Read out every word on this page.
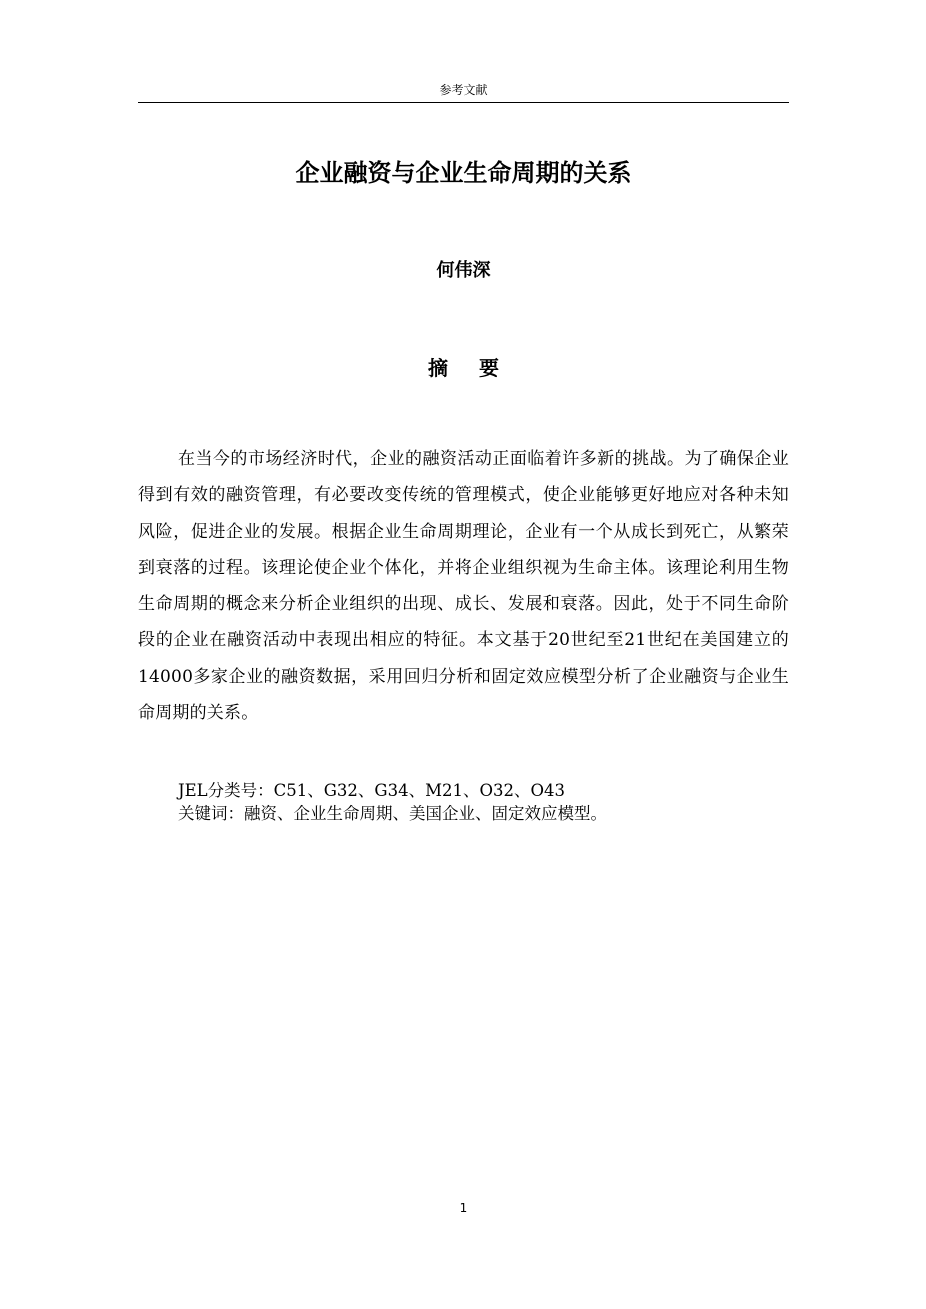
参考文献
企业融资与企业生命周期的关系
何伟深
摘 要

在当今的市场经济时代，企业的融资活动正面临着许多新的挑战。为了确保企业得到有效的融资管理，有必要改变传统的管理模式，使企业能够更好地应对各种未知风险，促进企业的发展。根据企业生命周期理论，企业有一个从成长到死亡，从繁荣到衰落的过程。该理论使企业个体化，并将企业组织视为生命主体。该理论利用生物生命周期的概念来分析企业组织的出现、成长、发展和衰落。因此，处于不同生命阶段的企业在融资活动中表现出相应的特征。本文基于20世纪至21世纪在美国建立的14000多家企业的融资数据，采用回归分析和固定效应模型分析了企业融资与企业生命周期的关系。

JEL分类号：C51、G32、G34、M21、O32、O43
关键词：融资、企业生命周期、美国企业、固定效应模型。
1
